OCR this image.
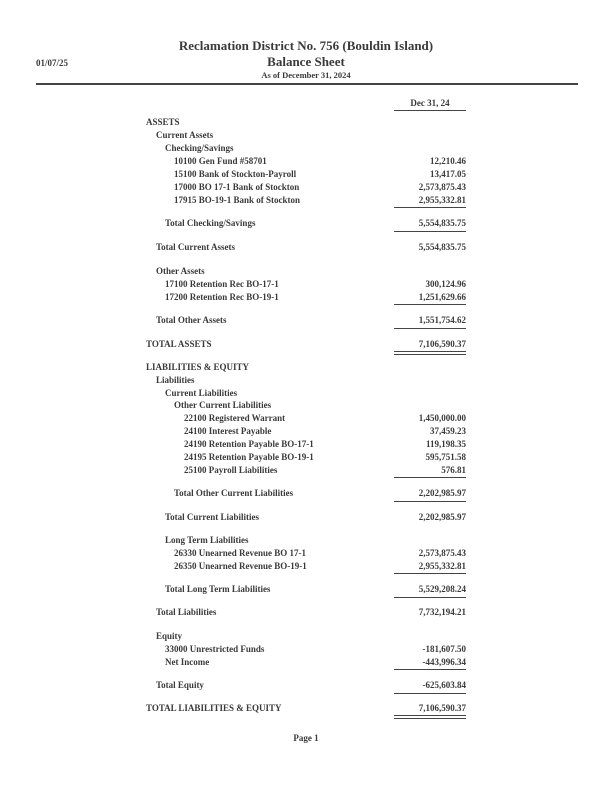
Reclamation District No. 756 (Bouldin Island)
01/07/25	Balance Sheet
As of December 31, 2024
Dec 31, 24
ASSETS
Current Assets
Checking/Savings
10100 Gen Fund #58701	12,210.46
15100 Bank of Stockton-Payroll	13,417.05
17000 BO 17-1 Bank of Stockton	2,573,875.43
17915 BO-19-1 Bank of Stockton	2,955,332.81
Total Checking/Savings	5,554,835.75
Total Current Assets	5,554,835.75
Other Assets
17100 Retention Rec BO-17-1	300,124.96
17200 Retention Rec BO-19-1	1,251,629.66
Total Other Assets	1,551,754.62
TOTAL ASSETS	7,106,590.37
LIABILITIES & EQUITY
Liabilities
Current Liabilities
Other Current Liabilities
22100 Registered Warrant	1,450,000.00
24100 Interest Payable	37,459.23
24190 Retention Payable BO-17-1	119,198.35
24195 Retention Payable BO-19-1	595,751.58
25100 Payroll Liabilities	576.81
Total Other Current Liabilities	2,202,985.97
Total Current Liabilities	2,202,985.97
Long Term Liabilities
26330 Unearned Revenue BO 17-1	2,573,875.43
26350 Unearned Revenue BO-19-1	2,955,332.81
Total Long Term Liabilities	5,529,208.24
Total Liabilities	7,732,194.21
Equity
33000 Unrestricted Funds	-181,607.50
Net Income	-443,996.34
Total Equity	-625,603.84
TOTAL LIABILITIES & EQUITY	7,106,590.37
Page 1
